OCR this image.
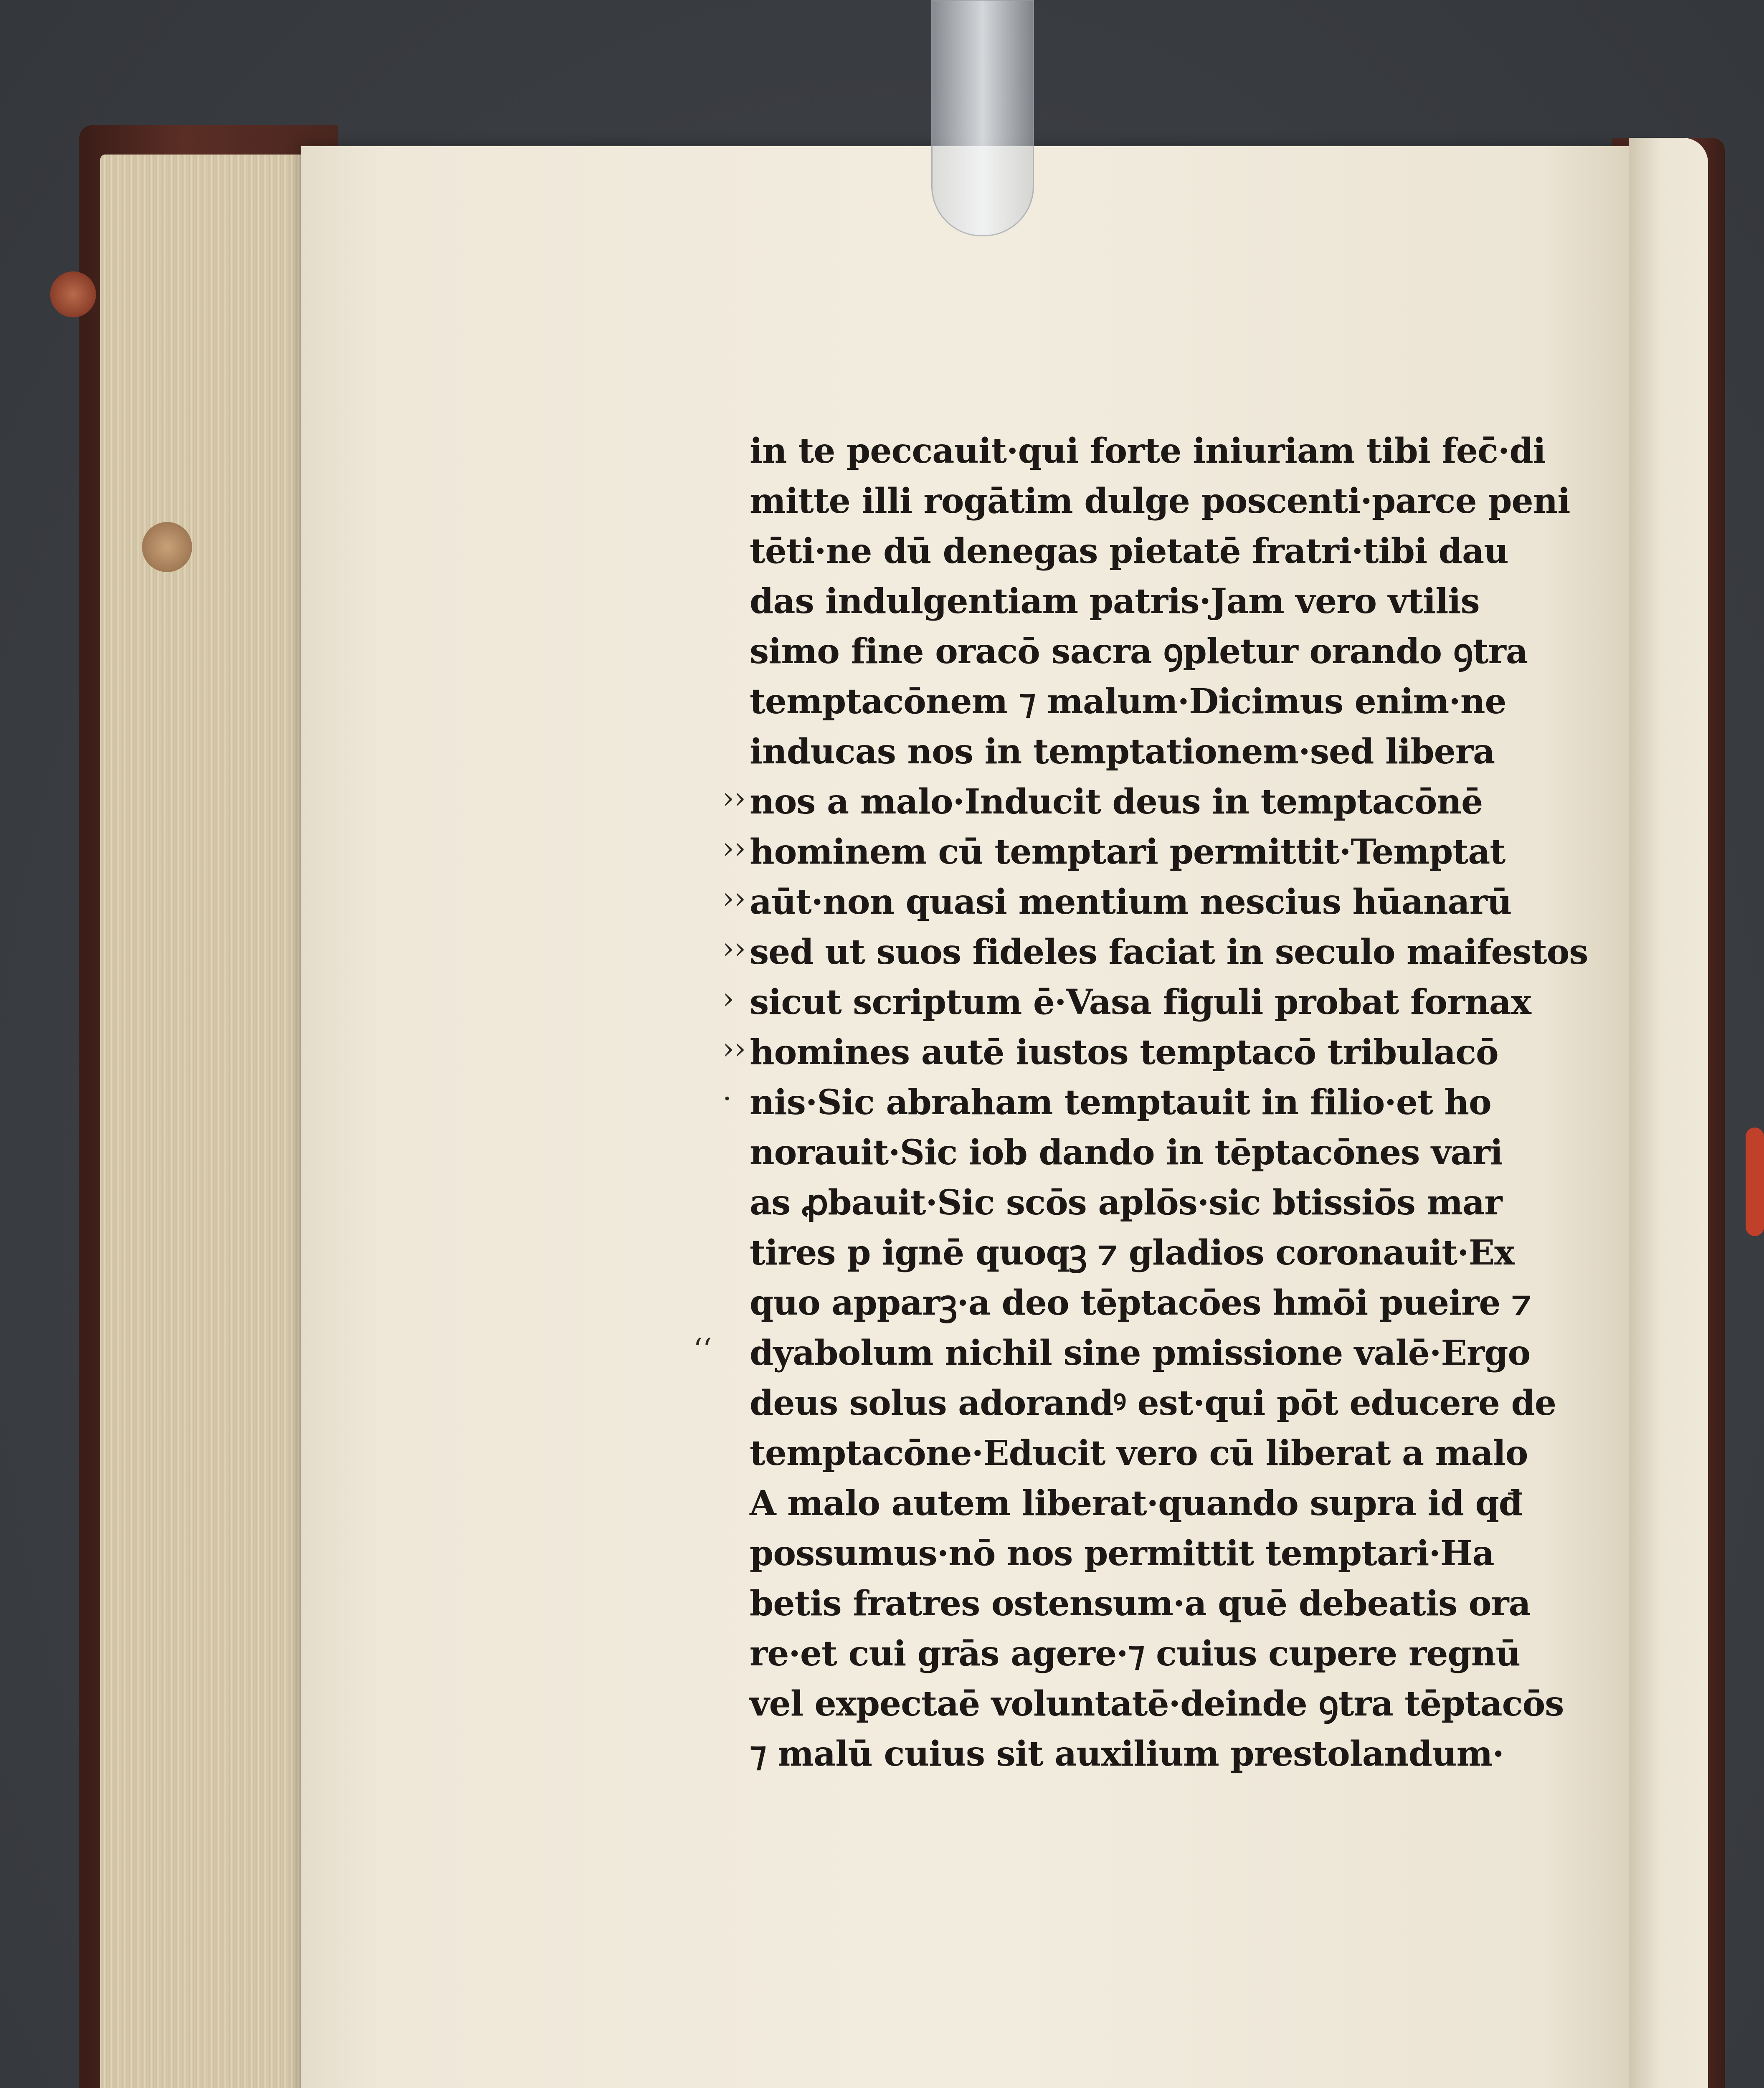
in te peccauit·qui forte iniuriam tibi fec̄·di
mitte illi rogātim dulge poscenti·parce peni
tēti·ne dū denegas pietatē fratri·tibi dau
das indulgentiam patris·Jam vero vtilis
simo fine oracō sacra ꝯpletur orando ꝯtra
temptacōnem ⁊ malum·Dicimus enim·ne
inducas nos in temptationem·sed libera
nos a malo·Inducit deus in temptacōnē
hominem cū temptari permittit·Temptat
aūt·non quasi mentium nescius hūanarū
sed ut suos fideles faciat in seculo maifestos
sicut scriptum ē·Vasa figuli probat fornax
homines autē iustos temptacō tribulacō
nis·Sic abraham temptauit in filio·et ho
norauit·Sic iob dando in tēptacōnes vari
as ꝓbauit·Sic scōs aplōs·sic btissiōs mar
tires p ignē quoqꝫ ⁊ gladios coronauit·Ex
quo apparꝫ·a deo tēptacōes hmōi pueire ⁊
dyabolum nichil sine pmissione valē·Ergo
deus solus adorandꝰ est·qui pōt educere de
temptacōne·Educit vero cū liberat a malo
A malo autem liberat·quando supra id qđ
possumus·nō nos permittit temptari·Ha
betis fratres ostensum·a quē debeatis ora
re·et cui grās agere·⁊ cuius cupere regnū
vel expectaē voluntatē·deinde ꝯtra tēptacōs
⁊ malū cuius sit auxilium prestolandum·
››
››
››
››
›
››
·
‘‘
